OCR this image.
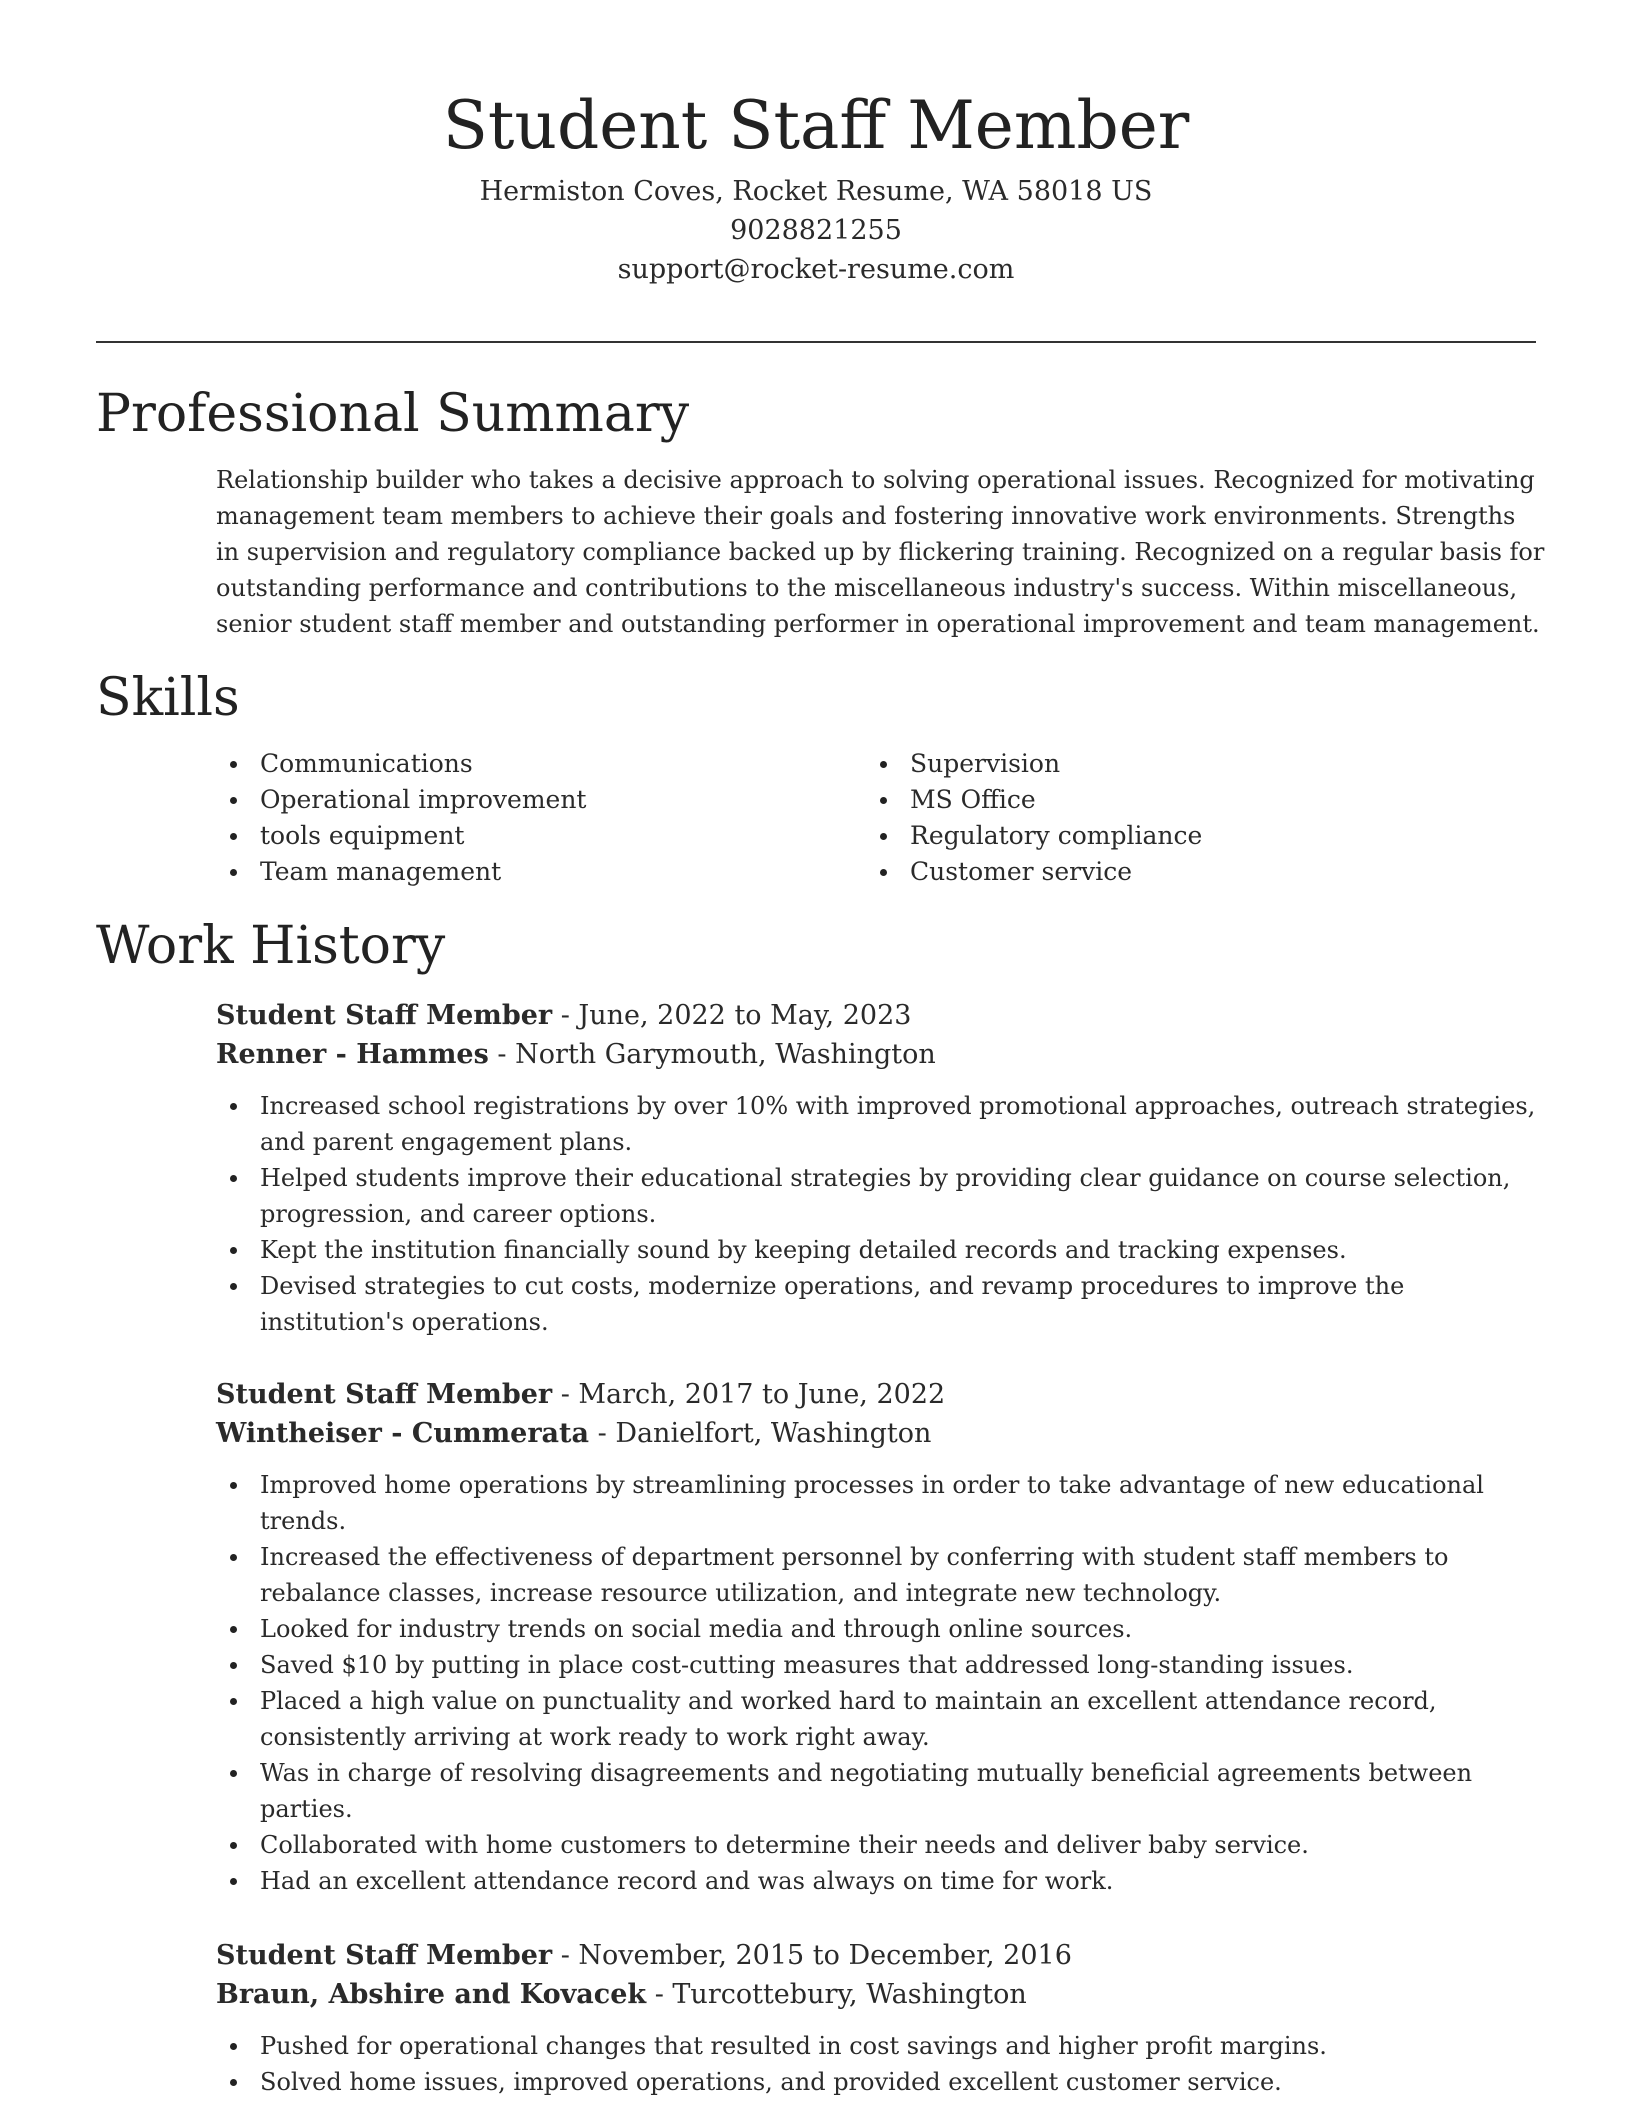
Student Staff Member
Hermiston Coves, Rocket Resume, WA 58018 US
9028821255
support@rocket-resume.com
Professional Summary

Relationship builder who takes a decisive approach to solving operational issues. Recognized for motivating management team members to achieve their goals and fostering innovative work environments. Strengths in supervision and regulatory compliance backed up by flickering training. Recognized on a regular basis for outstanding performance and contributions to the miscellaneous industry's success. Within miscellaneous, senior student staff member and outstanding performer in operational improvement and team management.

Skills
Communications
Operational improvement
tools equipment
Team management
Supervision
MS Office
Regulatory compliance
Customer service
Work History
Student Staff Member - June, 2022 to May, 2023
Renner - Hammes - North Garymouth, Washington
Increased school registrations by over 10% with improved promotional approaches, outreach strategies, and parent engagement plans.
Helped students improve their educational strategies by providing clear guidance on course selection, progression, and career options.
Kept the institution financially sound by keeping detailed records and tracking expenses.
Devised strategies to cut costs, modernize operations, and revamp procedures to improve the institution's operations.
Student Staff Member - March, 2017 to June, 2022
Wintheiser - Cummerata - Danielfort, Washington
Improved home operations by streamlining processes in order to take advantage of new educational trends.
Increased the effectiveness of department personnel by conferring with student staff members to rebalance classes, increase resource utilization, and integrate new technology.
Looked for industry trends on social media and through online sources.
Saved $10 by putting in place cost-cutting measures that addressed long-standing issues.
Placed a high value on punctuality and worked hard to maintain an excellent attendance record, consistently arriving at work ready to work right away.
Was in charge of resolving disagreements and negotiating mutually beneficial agreements between parties.
Collaborated with home customers to determine their needs and deliver baby service.
Had an excellent attendance record and was always on time for work.
Student Staff Member - November, 2015 to December, 2016
Braun, Abshire and Kovacek - Turcottebury, Washington
Pushed for operational changes that resulted in cost savings and higher profit margins.
Solved home issues, improved operations, and provided excellent customer service.
